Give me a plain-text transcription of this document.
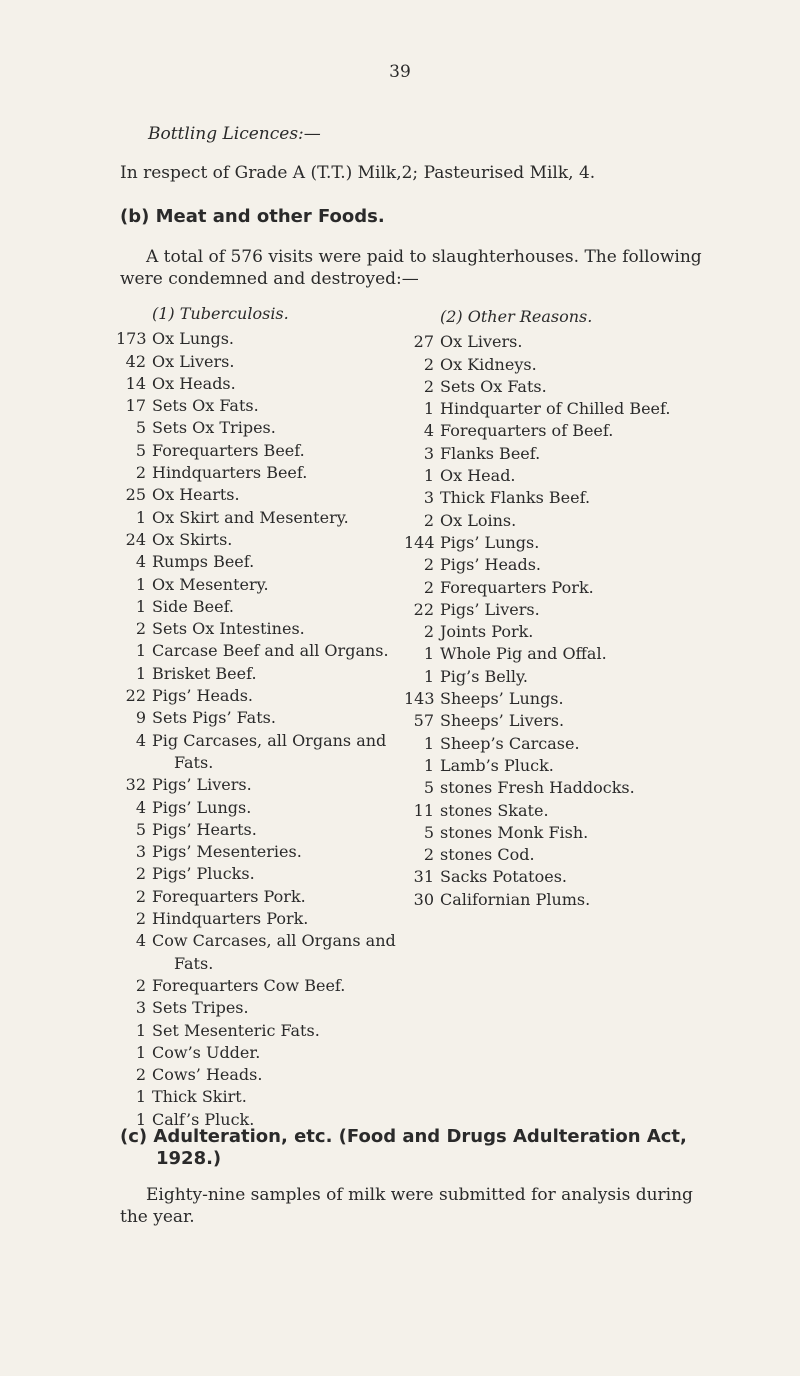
39
Bottling Licences:—
In respect of Grade A (T.T.) Milk,2; Pasteurised Milk, 4.
(b) Meat and other Foods.
A total of 576 visits were paid to slaughterhouses. The following
were condemned and destroyed:—
(1) Tuberculosis.
173 Ox Lungs.
42 Ox Livers.
14 Ox Heads.
17 Sets Ox Fats.
5 Sets Ox Tripes.
5 Forequarters Beef.
2 Hindquarters Beef.
25 Ox Hearts.
1 Ox Skirt and Mesentery.
24 Ox Skirts.
4 Rumps Beef.
1 Ox Mesentery.
1 Side Beef.
2 Sets Ox Intestines.
1 Carcase Beef and all Organs.
1 Brisket Beef.
22 Pigs’ Heads.
9 Sets Pigs’ Fats.
4 Pig Carcases, all Organs and
Fats.
32 Pigs’ Livers.
4 Pigs’ Lungs.
5 Pigs’ Hearts.
3 Pigs’ Mesenteries.
2 Pigs’ Plucks.
2 Forequarters Pork.
2 Hindquarters Pork.
4 Cow Carcases, all Organs and
Fats.
2 Forequarters Cow Beef.
3 Sets Tripes.
1 Set Mesenteric Fats.
1 Cow’s Udder.
2 Cows’ Heads.
1 Thick Skirt.
1 Calf’s Pluck.
(2) Other Reasons.
27 Ox Livers.
2 Ox Kidneys.
2 Sets Ox Fats.
1 Hindquarter of Chilled Beef.
4 Forequarters of Beef.
3 Flanks Beef.
1 Ox Head.
3 Thick Flanks Beef.
2 Ox Loins.
144 Pigs’ Lungs.
2 Pigs’ Heads.
2 Forequarters Pork.
22 Pigs’ Livers.
2 Joints Pork.
1 Whole Pig and Offal.
1 Pig’s Belly.
143 Sheeps’ Lungs.
57 Sheeps’ Livers.
1 Sheep’s Carcase.
1 Lamb’s Pluck.
5 stones Fresh Haddocks.
11 stones Skate.
5 stones Monk Fish.
2 stones Cod.
31 Sacks Potatoes.
30 Californian Plums.
(c) Adulteration, etc. (Food and Drugs Adulteration Act,
1928.)
Eighty-nine samples of milk were submitted for analysis during
the year.
